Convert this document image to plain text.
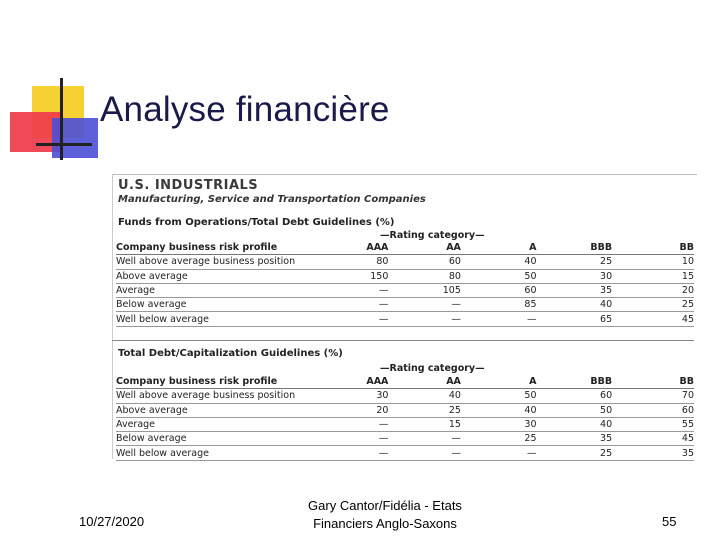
Analyse financière
U.S. INDUSTRIALS
Manufacturing, Service and Transportation Companies
Funds from Operations/Total Debt Guidelines (%)
—Rating category—
Company business risk profile	AAA	AA	A	BBB	BB
Well above average business position	80	60	40	25	10
Above average	150	80	50	30	15
Average	—	105	60	35	20
Below average	—	—	85	40	25
Well below average	—	—	—	65	45
Total Debt/Capitalization Guidelines (%)
—Rating category—
Company business risk profile	AAA	AA	A	BBB	BB
Well above average business position	30	40	50	60	70
Above average	20	25	40	50	60
Average	—	15	30	40	55
Below average	—	—	25	35	45
Well below average	—	—	—	25	35
10/27/2020
Gary Cantor/Fidélia - Etats
Financiers Anglo-Saxons	55
